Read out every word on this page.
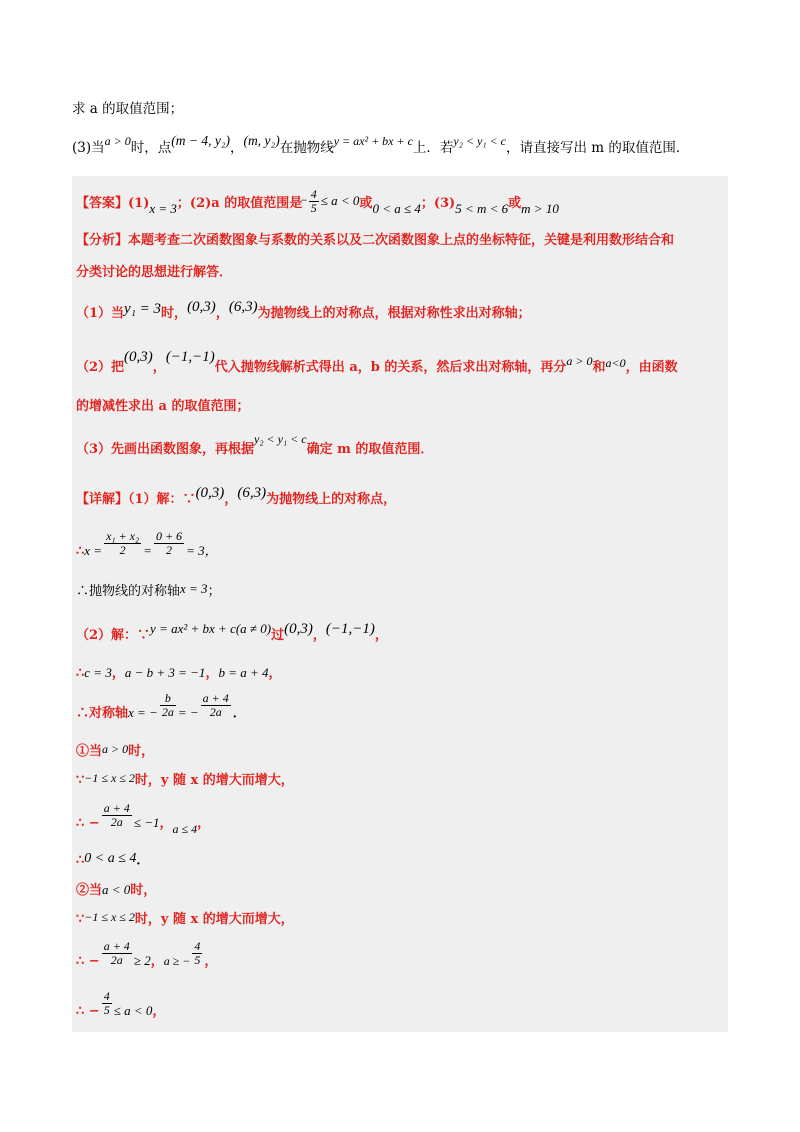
求 a 的取值范围；
(3)当a > 0时，点(m − 4, y₂)，(m, y₂)在抛物线y = ax² + bx + c上．若y₂ < y₁ < c，请直接写出 m 的取值范围．
【答案】(1)x = 3；(2)a 的取值范围是
− 4
5 ≤ a < 0或0 < a ≤ 4；(3)5 < m < 6或m > 10
【分析】本题考查二次函数图象与系数的关系以及二次函数图象上点的坐标特征，关键是利用数形结合和
分类讨论的思想进行解答．
（1）当y₁ = 3时，(0,3)，(6,3)为抛物线上的对称点，根据对称性求出对称轴；
（2）把(0,3)，(−1,−1)代入抛物线解析式得出 a，b 的关系，然后求出对称轴，再分a > 0和a<0，由函数
的增减性求出 a 的取值范围；
（3）先画出函数图象，再根据y₂ < y₁ < c确定 m 的取值范围．
【详解】（1）解：∵(0,3)，(6,3)为抛物线上的对称点，
∴x = $\frac{\text{x₁ + x₂}}{2} = \frac{0 + 6}{2} = 3$，
∴抛物线的对称轴x = 3；
（2）解：∵y = ax² + bx + c(a ≠ 0)过(0,3)，(−1,−1)，
∴c = 3，a − b + 3 = −1，b = a + 4，
∴对称轴x = − $\frac{b}{2a}$ = − $\frac{a + 4}{2a}$ ．
①当a > 0时，
∵−1 ≤ x ≤ 2时，y 随 x 的增大而增大，
∴ − $\frac{a + 4}{2a} \le -1$，a ≤ 4，
∴0 < a ≤ 4．
②当a < 0时，
∵−1 ≤ x ≤ 2时，y 随 x 的增大而增大，
∴ − $\frac{a + 4}{2a} \ge 2$，a ≥ − $\frac{4}{5}$ ，
∴ − $\frac{4}{5} \le a < 0$，
